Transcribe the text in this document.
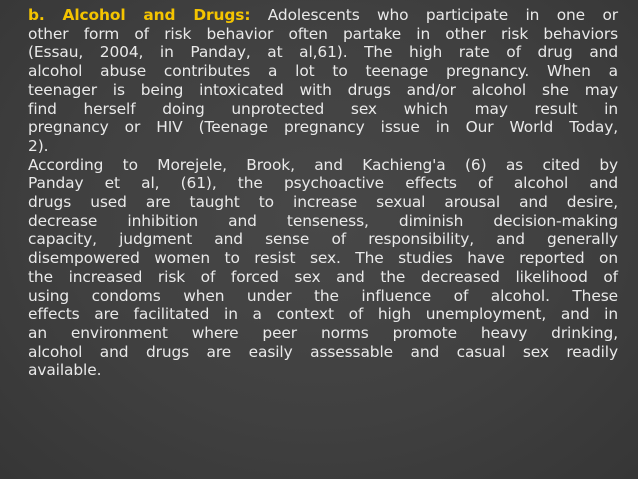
b. Alcohol and Drugs: Adolescents who participate in one or
other form of risk behavior often partake in other risk behaviors
(Essau, 2004, in Panday, at al,61). The high rate of drug and
alcohol abuse contributes a lot to teenage pregnancy. When a
teenager is being intoxicated with drugs and/or alcohol she may
find herself doing unprotected sex which may result in
pregnancy or HIV (Teenage pregnancy issue in Our World Today,
2).

According to Morejele, Brook, and Kachieng'a (6) as cited by
Panday et al, (61), the psychoactive effects of alcohol and
drugs used are taught to increase sexual arousal and desire,
decrease inhibition and tenseness, diminish decision-making
capacity, judgment and sense of responsibility, and generally
disempowered women to resist sex. The studies have reported on
the increased risk of forced sex and the decreased likelihood of
using condoms when under the influence of alcohol. These
effects are facilitated in a context of high unemployment, and in
an environment where peer norms promote heavy drinking,
alcohol and drugs are easily assessable and casual sex readily
available.
